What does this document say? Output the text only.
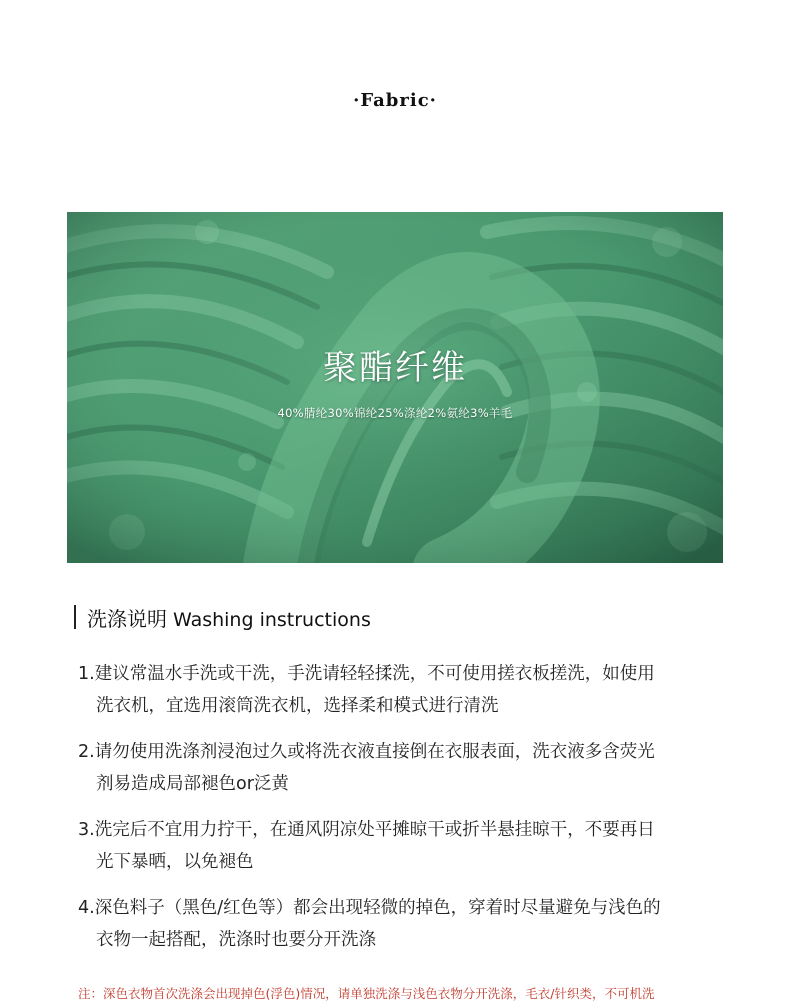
·Fabric·
聚酯纤维
40%腈纶30%锦纶25%涤纶2%氨纶3%羊毛
洗涤说明 Washing instructions
1.建议常温水手洗或干洗，手洗请轻轻揉洗，不可使用搓衣板搓洗，如使用
洗衣机，宜选用滚筒洗衣机，选择柔和模式进行清洗
2.请勿使用洗涤剂浸泡过久或将洗衣液直接倒在衣服表面，洗衣液多含荧光
剂易造成局部褪色or泛黄
3.洗完后不宜用力拧干，在通风阴凉处平摊晾干或折半悬挂晾干，不要再日
光下暴晒，以免褪色
4.深色料子（黑色/红色等）都会出现轻微的掉色，穿着时尽量避免与浅色的
衣物一起搭配，洗涤时也要分开洗涤
注：深色衣物首次洗涤会出现掉色(浮色)情况，请单独洗涤与浅色衣物分开洗涤，毛衣/针织类，不可机洗
